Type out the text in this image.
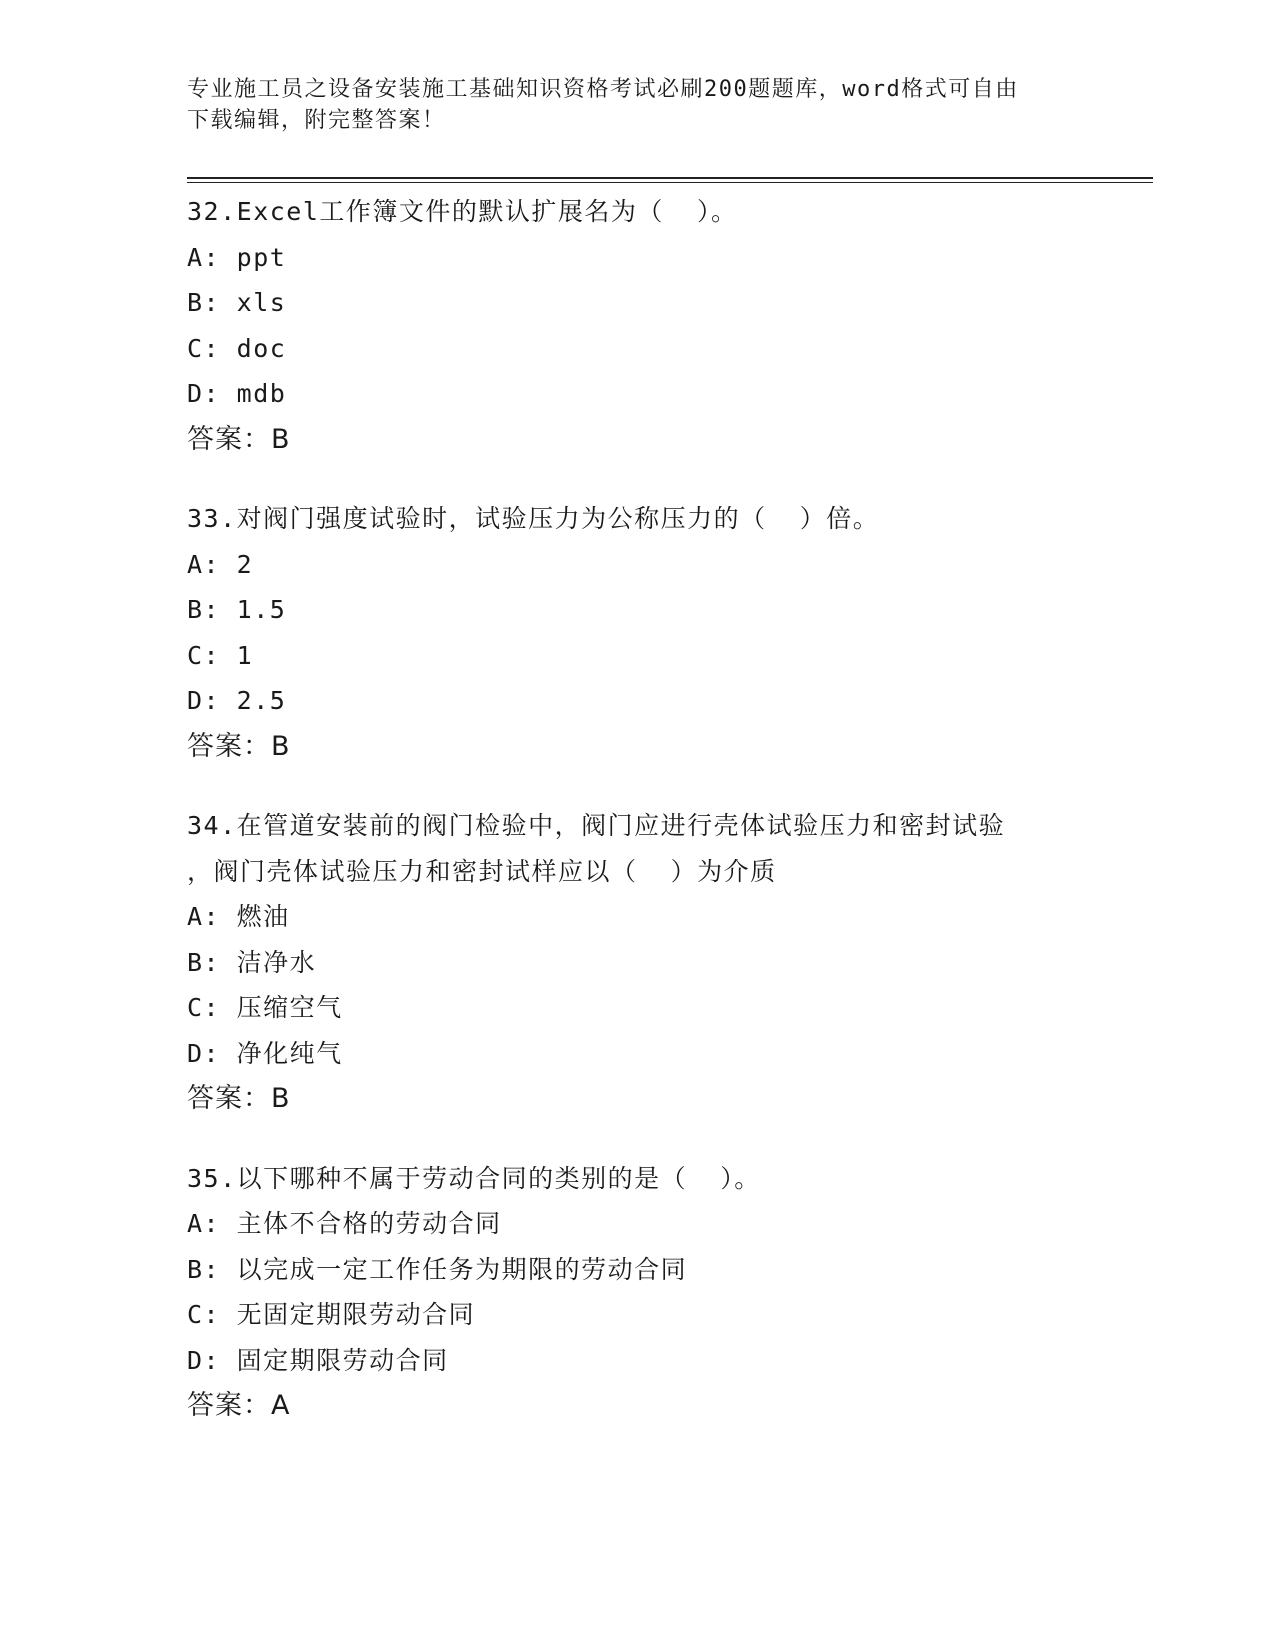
专业施工员之设备安装施工基础知识资格考试必刷200题题库，word格式可自由
下载编辑，附完整答案！
32.Excel工作簿文件的默认扩展名为（  ）。
A: ppt
B: xls
C: doc
D: mdb
答案：B
33.对阀门强度试验时，试验压力为公称压力的（  ）倍。
A: 2
B: 1.5
C: 1
D: 2.5
答案：B
34.在管道安装前的阀门检验中，阀门应进行壳体试验压力和密封试验
，阀门壳体试验压力和密封试样应以（  ）为介质
A: 燃油
B: 洁净水
C: 压缩空气
D: 净化纯气
答案：B
35.以下哪种不属于劳动合同的类别的是（  ）。
A: 主体不合格的劳动合同
B: 以完成一定工作任务为期限的劳动合同
C: 无固定期限劳动合同
D: 固定期限劳动合同
答案：A
